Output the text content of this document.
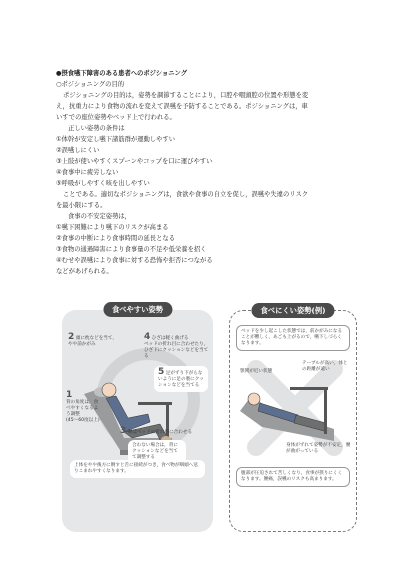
●摂食嚥下障害のある患者へのポジショニング

○ポジショニングの目的

ポジショニングの目的は，姿勢を調節することにより，口腔や咽頭腔の位置や形態を変

え，抗重力により食物の流れを変えて誤嚥を予防することである。ポジショニングは，車

いすでの座位姿勢やベッド上で行われる。

正しい姿勢の条件は

①体幹が安定し嚥下諸筋群が運動しやすい

②誤嚥しにくい

③上肢が使いやすくスプーンやコップを口に運びやすい

④食事中に疲労しない

⑤呼吸がしやすく咳を出しやすい

ことである。適切なポジショニングは，食欲や食事の自立を促し，誤嚥や失違のリスク

を最小限にする。

食事の不安定姿勢は，

①嚥下困難により嚥下のリスクが高まる

②食事の中断により食事時間の延長となる

③食物の通過障害により食事量の不足や低栄養を招く

④むせや誤嚥により食事に対する恐怖や拒否につながる

などがあげられる。

食べやすい姿勢
2 頭に枕などを当て，やや前かがみ
4 ひざは軽く曲げる
ベッドの折れ目に合わせたり，ひざ下にクッションなどを当てる
5 足がずり下がらないように足の裏にクッションなどを当てる
1
背の角度は，食べやすくなるよう調整
(45〜60度以上)
3 腰はベッドの折れ目に合わせる
合わない場合は，背にクッションなどを当てて調整する
上体をやや後方に倒すと舌に接続がつき，食べ物が咽頭へ送りこまれやすくなります。
食べにくい姿勢(例)
ベッドを少し起こした状態では，前かがみになることが難しく，あごも上がるので，嚥下しづらくなります。
顎関が近い状態
テーブルが高い，体との距離が遠い
身体がずれて姿勢が不安定，腰が曲がっている
腹部が圧迫されて苦しくなり，食事が摂りにくくなります。腰痛，誤嚥のリスクも高まります。
